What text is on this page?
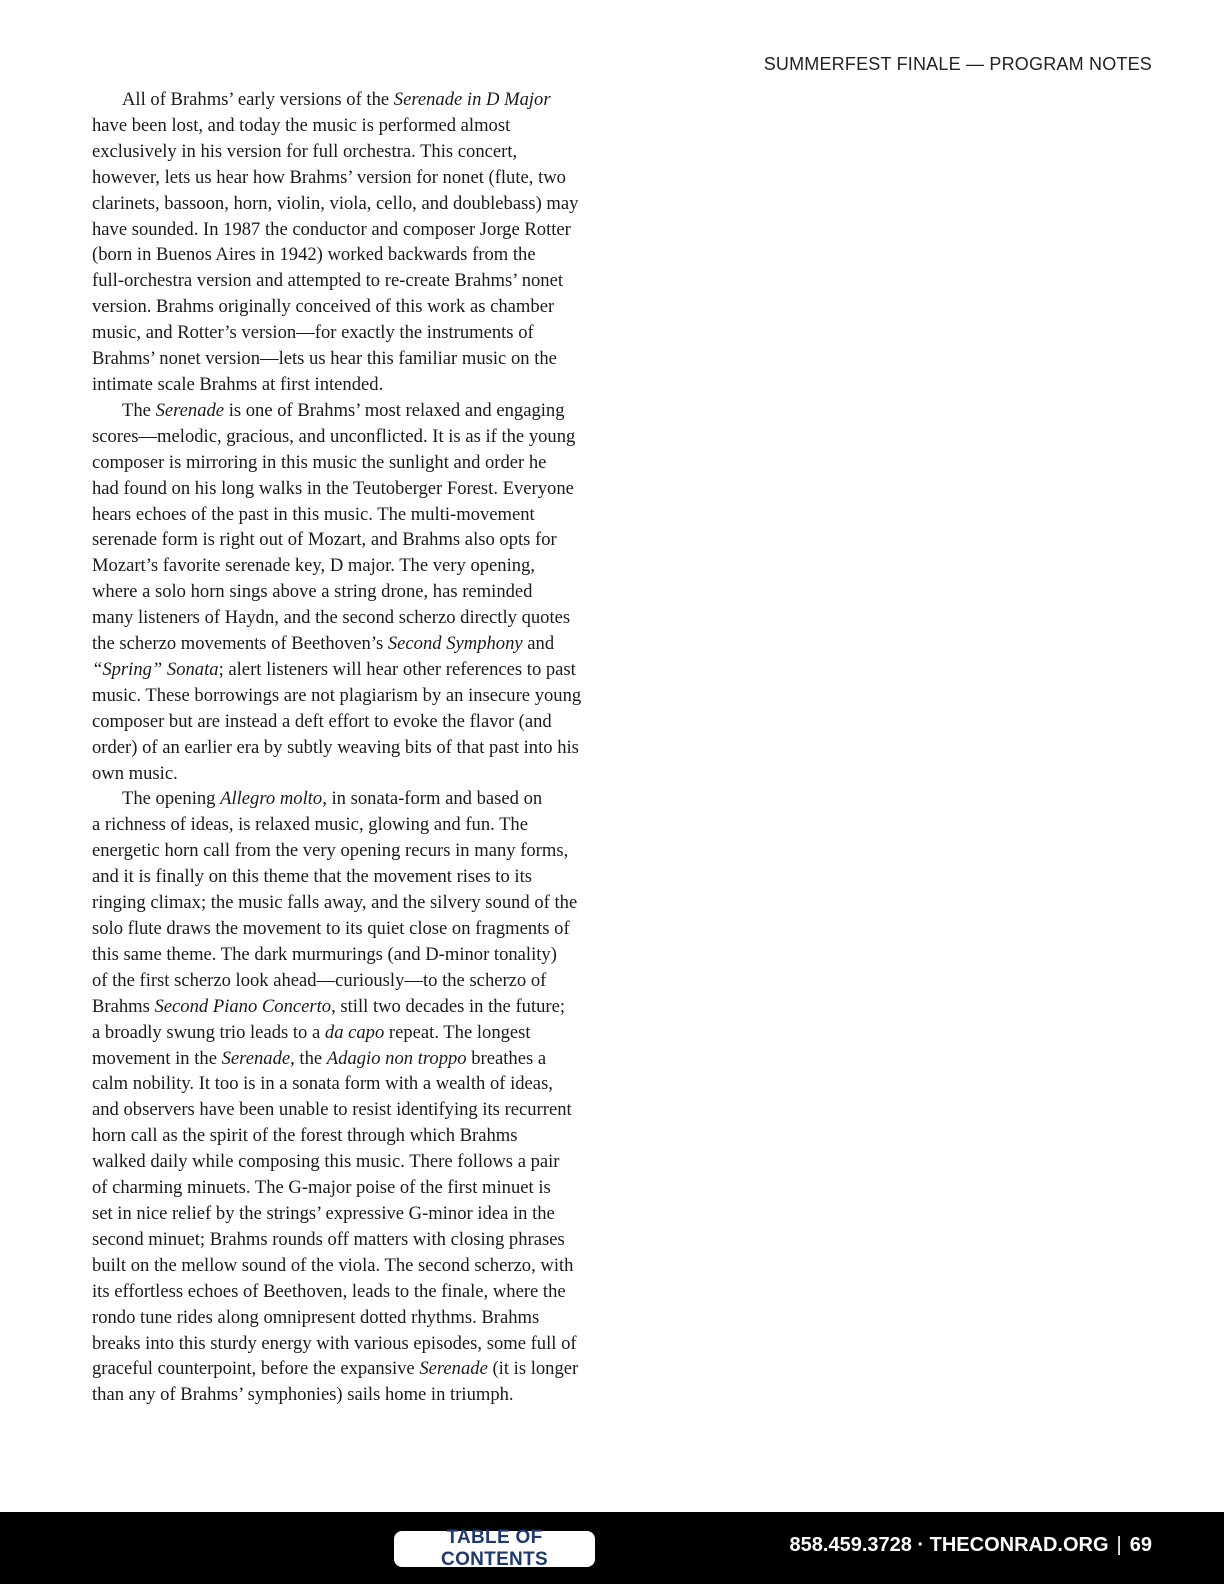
SUMMERFEST FINALE — PROGRAM NOTES
All of Brahms’ early versions of the Serenade in D Major
have been lost, and today the music is performed almost
exclusively in his version for full orchestra. This concert,
however, lets us hear how Brahms’ version for nonet (flute, two
clarinets, bassoon, horn, violin, viola, cello, and doublebass) may
have sounded. In 1987 the conductor and composer Jorge Rotter
(born in Buenos Aires in 1942) worked backwards from the
full-orchestra version and attempted to re-create Brahms’ nonet
version. Brahms originally conceived of this work as chamber
music, and Rotter’s version—for exactly the instruments of
Brahms’ nonet version—lets us hear this familiar music on the
intimate scale Brahms at first intended.
The Serenade is one of Brahms’ most relaxed and engaging
scores—melodic, gracious, and unconflicted. It is as if the young
composer is mirroring in this music the sunlight and order he
had found on his long walks in the Teutoberger Forest. Everyone
hears echoes of the past in this music. The multi-movement
serenade form is right out of Mozart, and Brahms also opts for
Mozart’s favorite serenade key, D major. The very opening,
where a solo horn sings above a string drone, has reminded
many listeners of Haydn, and the second scherzo directly quotes
the scherzo movements of Beethoven’s Second Symphony and
“Spring” Sonata; alert listeners will hear other references to past
music. These borrowings are not plagiarism by an insecure young
composer but are instead a deft effort to evoke the flavor (and
order) of an earlier era by subtly weaving bits of that past into his
own music.
The opening Allegro molto, in sonata-form and based on
a richness of ideas, is relaxed music, glowing and fun. The
energetic horn call from the very opening recurs in many forms,
and it is finally on this theme that the movement rises to its
ringing climax; the music falls away, and the silvery sound of the
solo flute draws the movement to its quiet close on fragments of
this same theme. The dark murmurings (and D-minor tonality)
of the first scherzo look ahead—curiously—to the scherzo of
Brahms Second Piano Concerto, still two decades in the future;
a broadly swung trio leads to a da capo repeat. The longest
movement in the Serenade, the Adagio non troppo breathes a
calm nobility. It too is in a sonata form with a wealth of ideas,
and observers have been unable to resist identifying its recurrent
horn call as the spirit of the forest through which Brahms
walked daily while composing this music. There follows a pair
of charming minuets. The G-major poise of the first minuet is
set in nice relief by the strings’ expressive G-minor idea in the
second minuet; Brahms rounds off matters with closing phrases
built on the mellow sound of the viola. The second scherzo, with
its effortless echoes of Beethoven, leads to the finale, where the
rondo tune rides along omnipresent dotted rhythms. Brahms
breaks into this sturdy energy with various episodes, some full of
graceful counterpoint, before the expansive Serenade (it is longer
than any of Brahms’ symphonies) sails home in triumph.
TABLE OF CONTENTS
858.459.3728 · THECONRAD.ORG | 69
